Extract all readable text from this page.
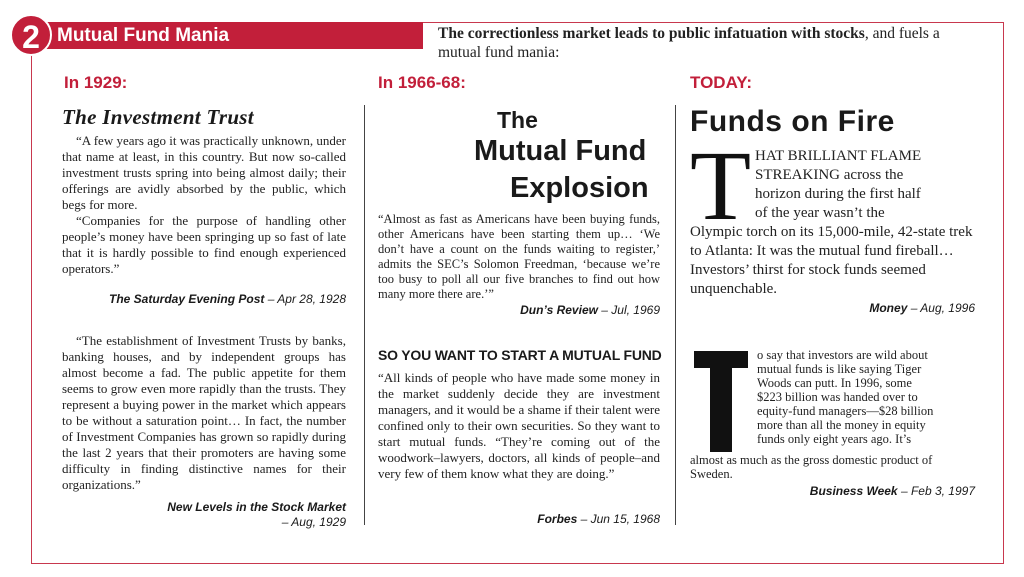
Mutual Fund Mania
2	The correctionless market leads to public infatuation with stocks, and fuels a mutual fund mania:
In 1929:	In 1966-68:	TODAY:
The Investment Trust

“A few years ago it was practically unknown, under that name at least, in this country. But now so-called investment trusts spring into being almost daily; their offerings are avidly absorbed by the public, which begs for more.

“Companies for the purpose of handling other people’s money have been springing up so fast of late that it is hardly possible to find enough experienced operators.”

The Saturday Evening Post – Apr 28, 1928

“The establishment of Investment Trusts by banks, banking houses, and by independent groups has almost become a fad. The public appetite for them seems to grow even more rapidly than the trusts. They represent a buying power in the market which appears to be without a saturation point… In fact, the number of Investment Companies has grown so rapidly during the last 2 years that their promoters are having some difficulty in finding distinctive names for their organizations.”

New Levels in the Stock Market
– Aug, 1929
The
Mutual Fund
Explosion

“Almost as fast as Americans have been buying funds, other Americans have been starting them up… ‘We don’t have a count on the funds waiting to register,’ admits the SEC’s Solomon Freedman, ‘because we’re too busy to poll all our five branches to find out how many more there are.’”

Dun’s Review – Jul, 1969
SO YOU WANT TO START A MUTUAL FUND

“All kinds of people who have made some money in the market suddenly decide they are investment managers, and it would be a shame if their talent were confined only to their own securities. So they want to start mutual funds. “They’re coming out of the woodwork–lawyers, doctors, all kinds of people–and very few of them know what they are doing.”

Forbes – Jun 15, 1968
Funds on Fire
T HAT BRILLIANT FLAME
STREAKING across the
horizon during the first half
of the year wasn’t the

Olympic torch on its 15,000-mile, 42-state trek to Atlanta: It was the mutual fund fireball… Investors’ thirst for stock funds seemed unquenchable.

Money – Aug, 1996
o say that investors are wild about
mutual funds is like saying Tiger
Woods can putt. In 1996, some
$223 billion was handed over to
equity-fund managers—$28 billion
more than all the money in equity
funds only eight years ago. It’s

almost as much as the gross domestic product of Sweden.

Business Week – Feb 3, 1997
